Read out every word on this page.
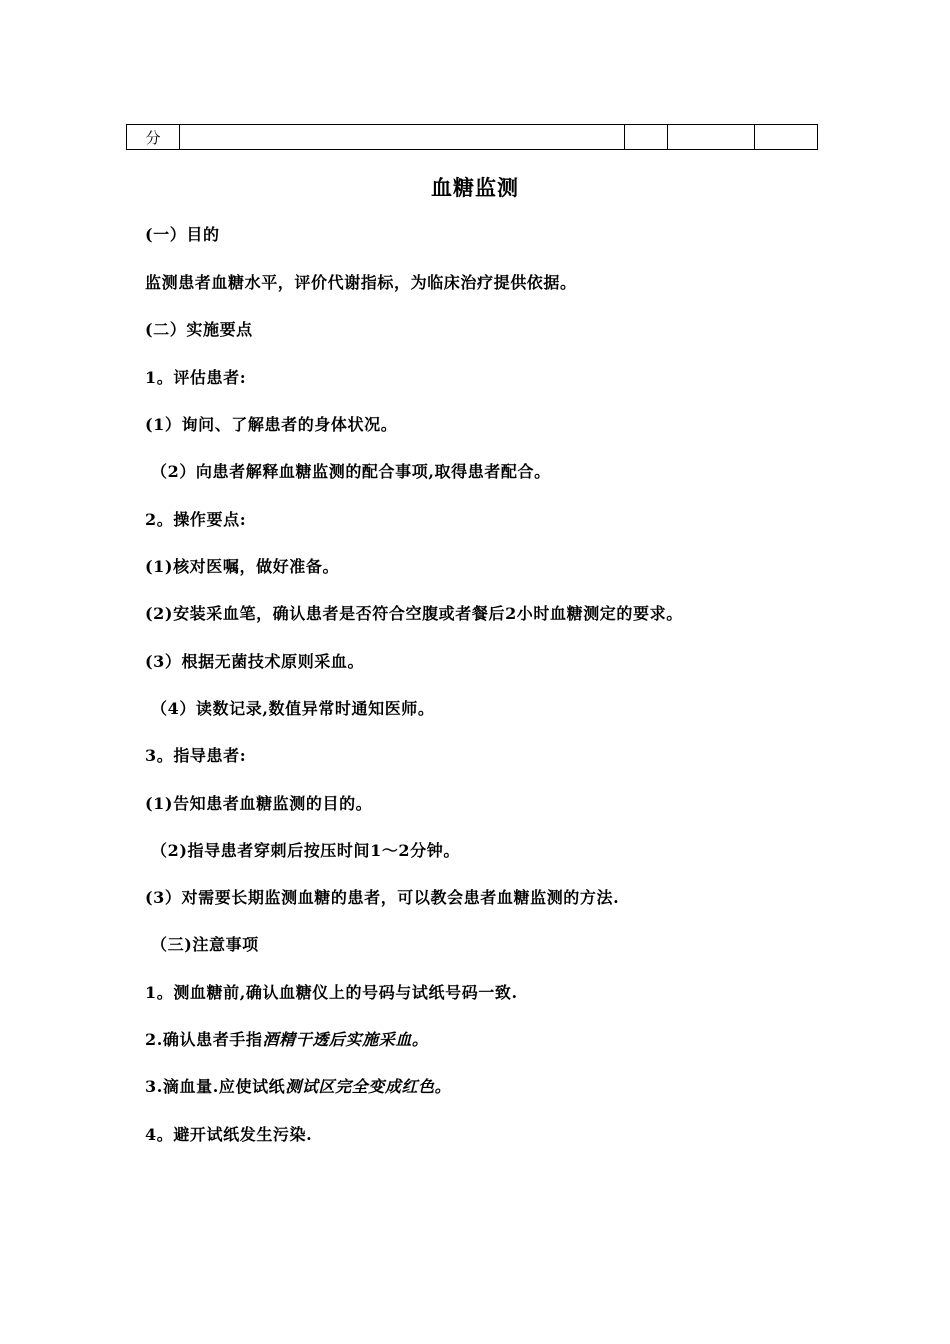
分				
血糖监测
(一）目的
监测患者血糖水平，评价代谢指标，为临床治疗提供依据。
(二）实施要点
1。评估患者:
(1）询问、了解患者的身体状况。
（2）向患者解释血糖监测的配合事项,取得患者配合。
2。操作要点:
(1)核对医嘱，做好准备。
(2)安装采血笔，确认患者是否符合空腹或者餐后2小时血糖测定的要求。
(3）根据无菌技术原则采血。
（4）读数记录,数值异常时通知医师。
3。指导患者:
(1)告知患者血糖监测的目的。
（2)指导患者穿刺后按压时间1～2分钟。
(3）对需要长期监测血糖的患者，可以教会患者血糖监测的方法.
（三)注意事项
1。测血糖前,确认血糖仪上的号码与试纸号码一致.
2.确认患者手指酒精干透后实施采血。
3.滴血量.应使试纸测试区完全变成红色。
4。避开试纸发生污染.
